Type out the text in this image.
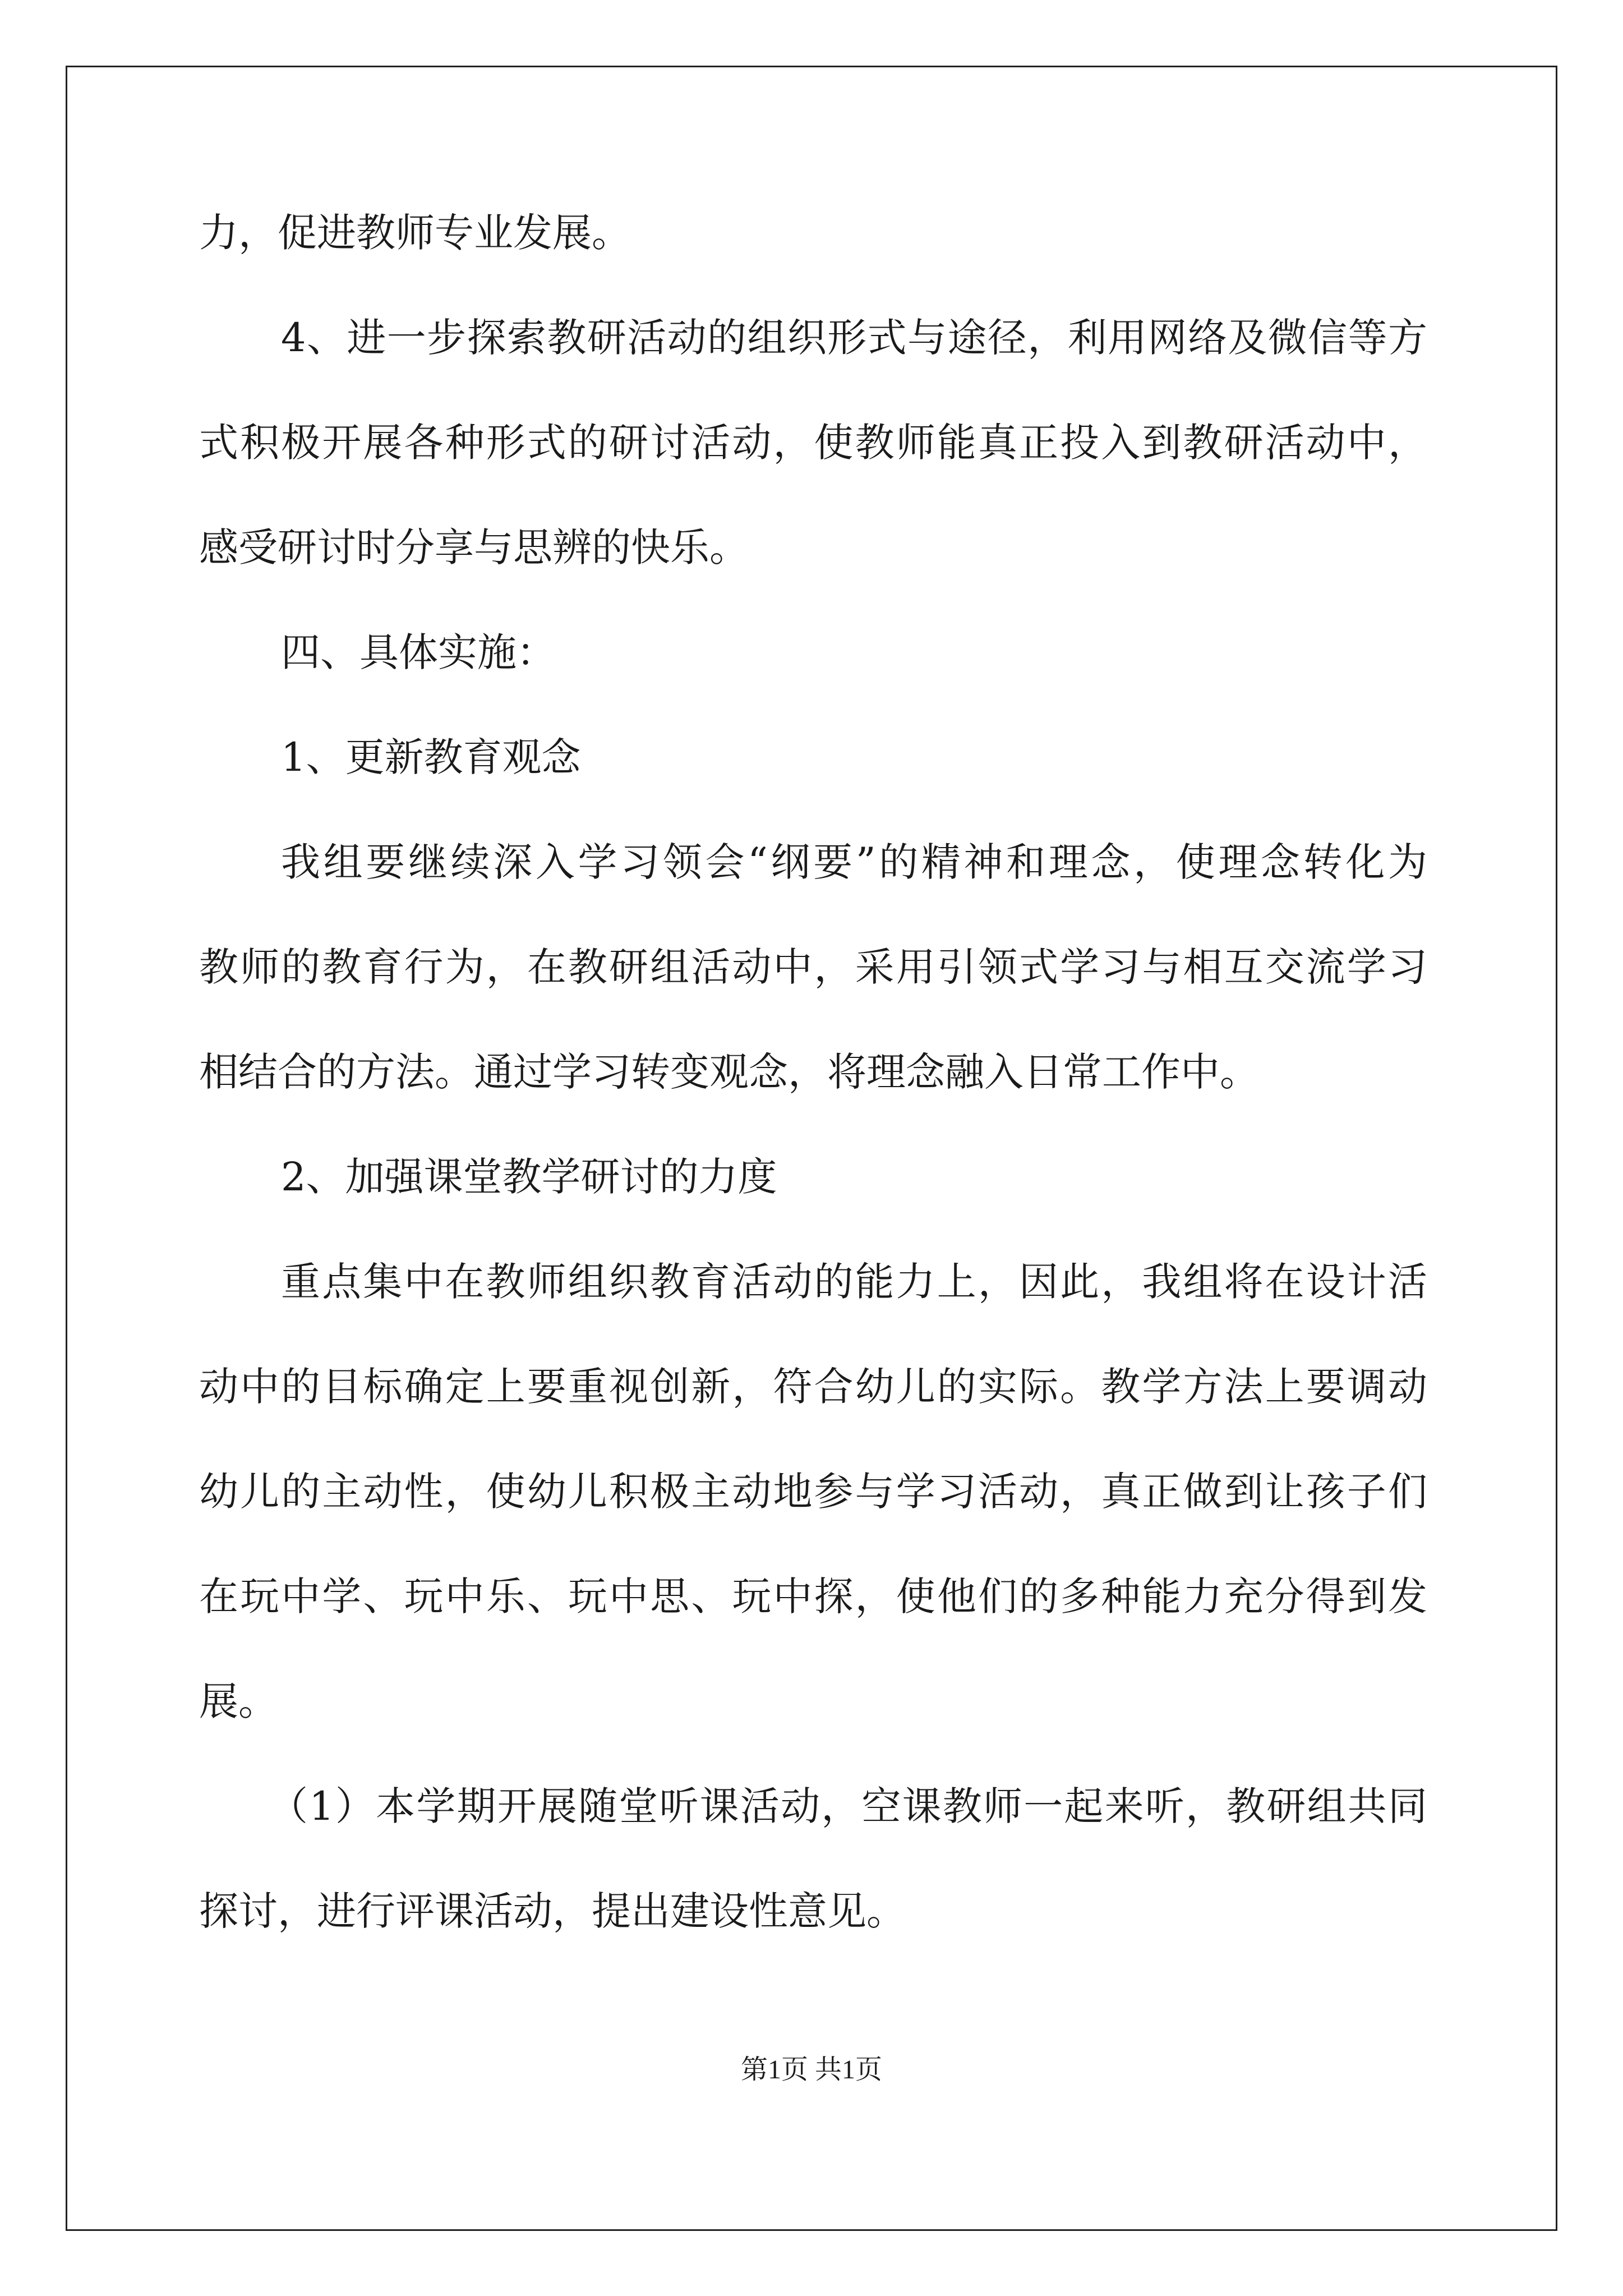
力，促进教师专业发展。
4、进一步探索教研活动的组织形式与途径，利用网络及微信等方
式积极开展各种形式的研讨活动，使教师能真正投入到教研活动中，
感受研讨时分享与思辨的快乐。
四、具体实施：
1、更新教育观念
我组要继续深入学习领会“纲要”的精神和理念，使理念转化为
教师的教育行为，在教研组活动中，采用引领式学习与相互交流学习
相结合的方法。通过学习转变观念，将理念融入日常工作中。
2、加强课堂教学研讨的力度
重点集中在教师组织教育活动的能力上，因此，我组将在设计活
动中的目标确定上要重视创新，符合幼儿的实际。教学方法上要调动
幼儿的主动性，使幼儿积极主动地参与学习活动，真正做到让孩子们
在玩中学、玩中乐、玩中思、玩中探，使他们的多种能力充分得到发
展。
（1）本学期开展随堂听课活动，空课教师一起来听，教研组共同
探讨，进行评课活动，提出建设性意见。
第1页 共1页
